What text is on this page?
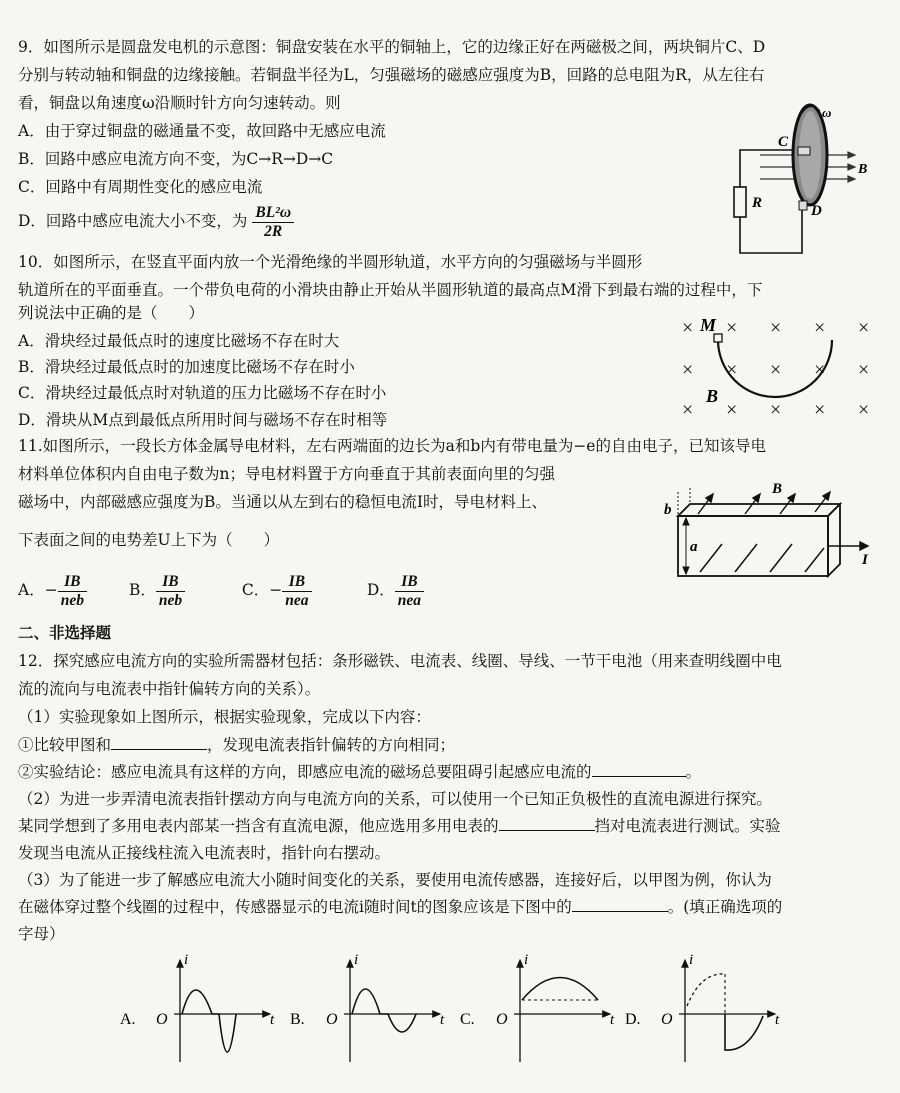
9．如图所示是圆盘发电机的示意图：铜盘安装在水平的铜轴上，它的边缘正好在两磁极之间，两块铜片C、D
分别与转动轴和铜盘的边缘接触。若铜盘半径为L，匀强磁场的磁感应强度为B，回路的总电阻为R，从左往右
看，铜盘以角速度ω沿顺时针方向匀速转动。则
A．由于穿过铜盘的磁通量不变，故回路中无感应电流
B．回路中感应电流方向不变，为C→R→D→C
C．回路中有周期性变化的感应电流
D．回路中感应电流大小不变，为 $\frac{\text{BL²ω}}{2R}$
R
B
ω
C
D
10．如图所示，在竖直平面内放一个光滑绝缘的半圆形轨道，水平方向的匀强磁场与半圆形
轨道所在的平面垂直。一个带负电荷的小滑块由静止开始从半圆形轨道的最高点M滑下到最右端的过程中，下
列说法中正确的是（　　）
A．滑块经过最低点时的速度比磁场不存在时大
B．滑块经过最低点时的加速度比磁场不存在时小
C．滑块经过最低点时对轨道的压力比磁场不存在时小
D．滑块从M点到最低点所用时间与磁场不存在时相等
× × × ×
× × × × ×
× × × × ×
× M
B
11.如图所示，一段长方体金属导电材料，左右两端面的边长为a和b内有带电量为−e的自由电子，已知该导电
材料单位体积内自由电子数为n；导电材料置于方向垂直于其前表面向里的匀强
磁场中，内部磁感应强度为B。当通以从左到右的稳恒电流I时，导电材料上、
下表面之间的电势差U上下为（　　）
A．− $\frac{IB}{\text{neb}}$	B． $\frac{IB}{\text{neb}}$	C．− $\frac{IB}{\text{nea}}$	D． $\frac{IB}{\text{nea}}$
B
a
b
I
二、非选择题
12．探究感应电流方向的实验所需器材包括：条形磁铁、电流表、线圈、导线、一节干电池（用来查明线圈中电
流的流向与电流表中指针偏转方向的关系）。
（1）实验现象如上图所示，根据实验现象，完成以下内容：
①比较甲图和	，发现电流表指针偏转的方向相同；
②实验结论：感应电流具有这样的方向，即感应电流的磁场总要阻碍引起感应电流的	。
（2）为进一步弄清电流表指针摆动方向与电流方向的关系，可以使用一个已知正负极性的直流电源进行探究。
某同学想到了多用电表内部某一挡含有直流电源，他应选用多用电表的	挡对电流表进行测试。实验
发现当电流从正接线柱流入电流表时，指针向右摆动。
（3）为了能进一步了解感应电流大小随时间变化的关系，要使用电流传感器，连接好后，以甲图为例，你认为
在磁体穿过整个线圈的过程中，传感器显示的电流i随时间t的图象应该是下图中的	。(填正确选项的
字母）
A. O
i
t B. O
i
t C. O
i
t D. O
i
t
